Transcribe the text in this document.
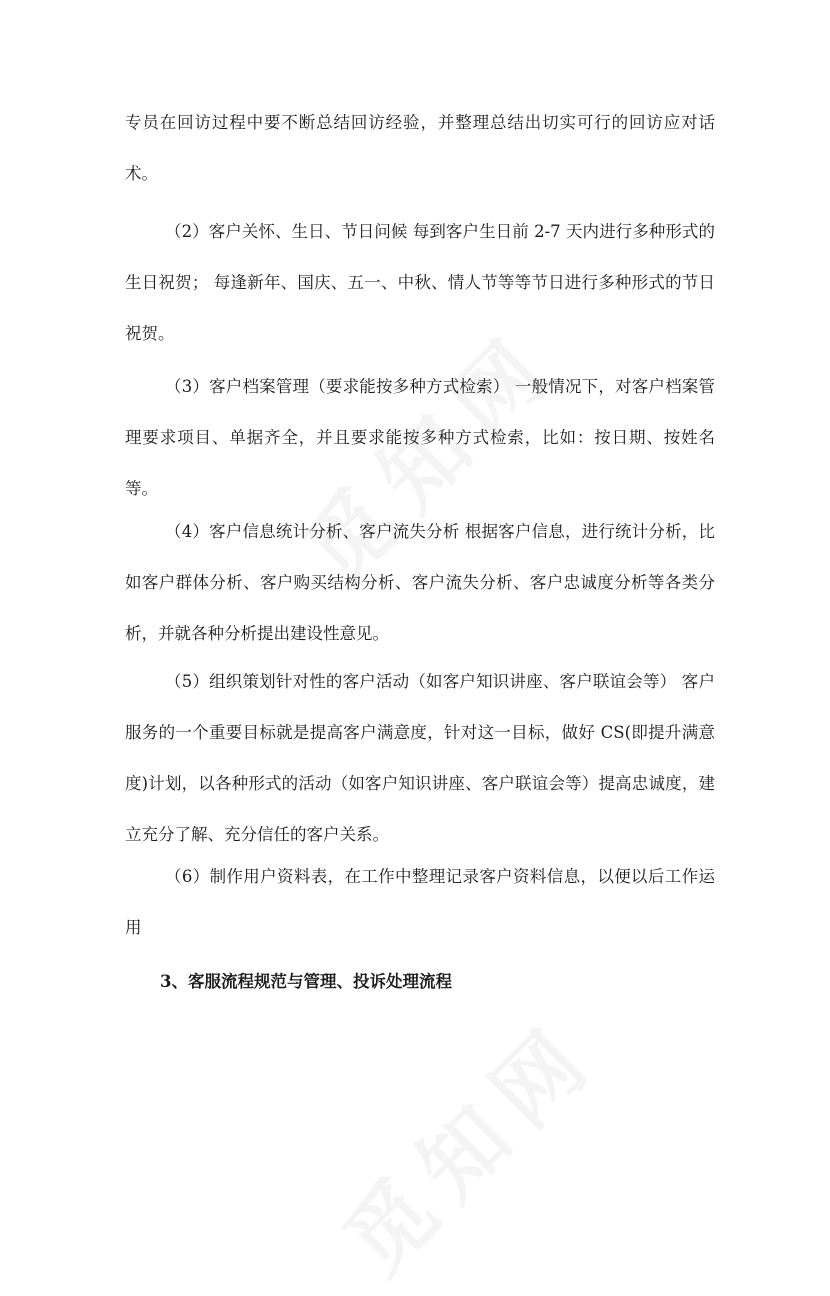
专员在回访过程中要不断总结回访经验，并整理总结出切实可行的回访应对话术。

（2）客户关怀、生日、节日问候 每到客户生日前 2-7 天内进行多种形式的生日祝贺； 每逢新年、国庆、五一、中秋、情人节等等节日进行多种形式的节日祝贺。

（3）客户档案管理（要求能按多种方式检索） 一般情况下，对客户档案管理要求项目、单据齐全，并且要求能按多种方式检索，比如：按日期、按姓名等。

（4）客户信息统计分析、客户流失分析 根据客户信息，进行统计分析，比如客户群体分析、客户购买结构分析、客户流失分析、客户忠诚度分析等各类分析，并就各种分析提出建设性意见。

（5）组织策划针对性的客户活动（如客户知识讲座、客户联谊会等） 客户服务的一个重要目标就是提高客户满意度，针对这一目标，做好 CS(即提升满意度)计划，以各种形式的活动（如客户知识讲座、客户联谊会等）提高忠诚度，建立充分了解、充分信任的客户关系。

（6）制作用户资料表，在工作中整理记录客户资料信息，以便以后工作运用

3、客服流程规范与管理、投诉处理流程
